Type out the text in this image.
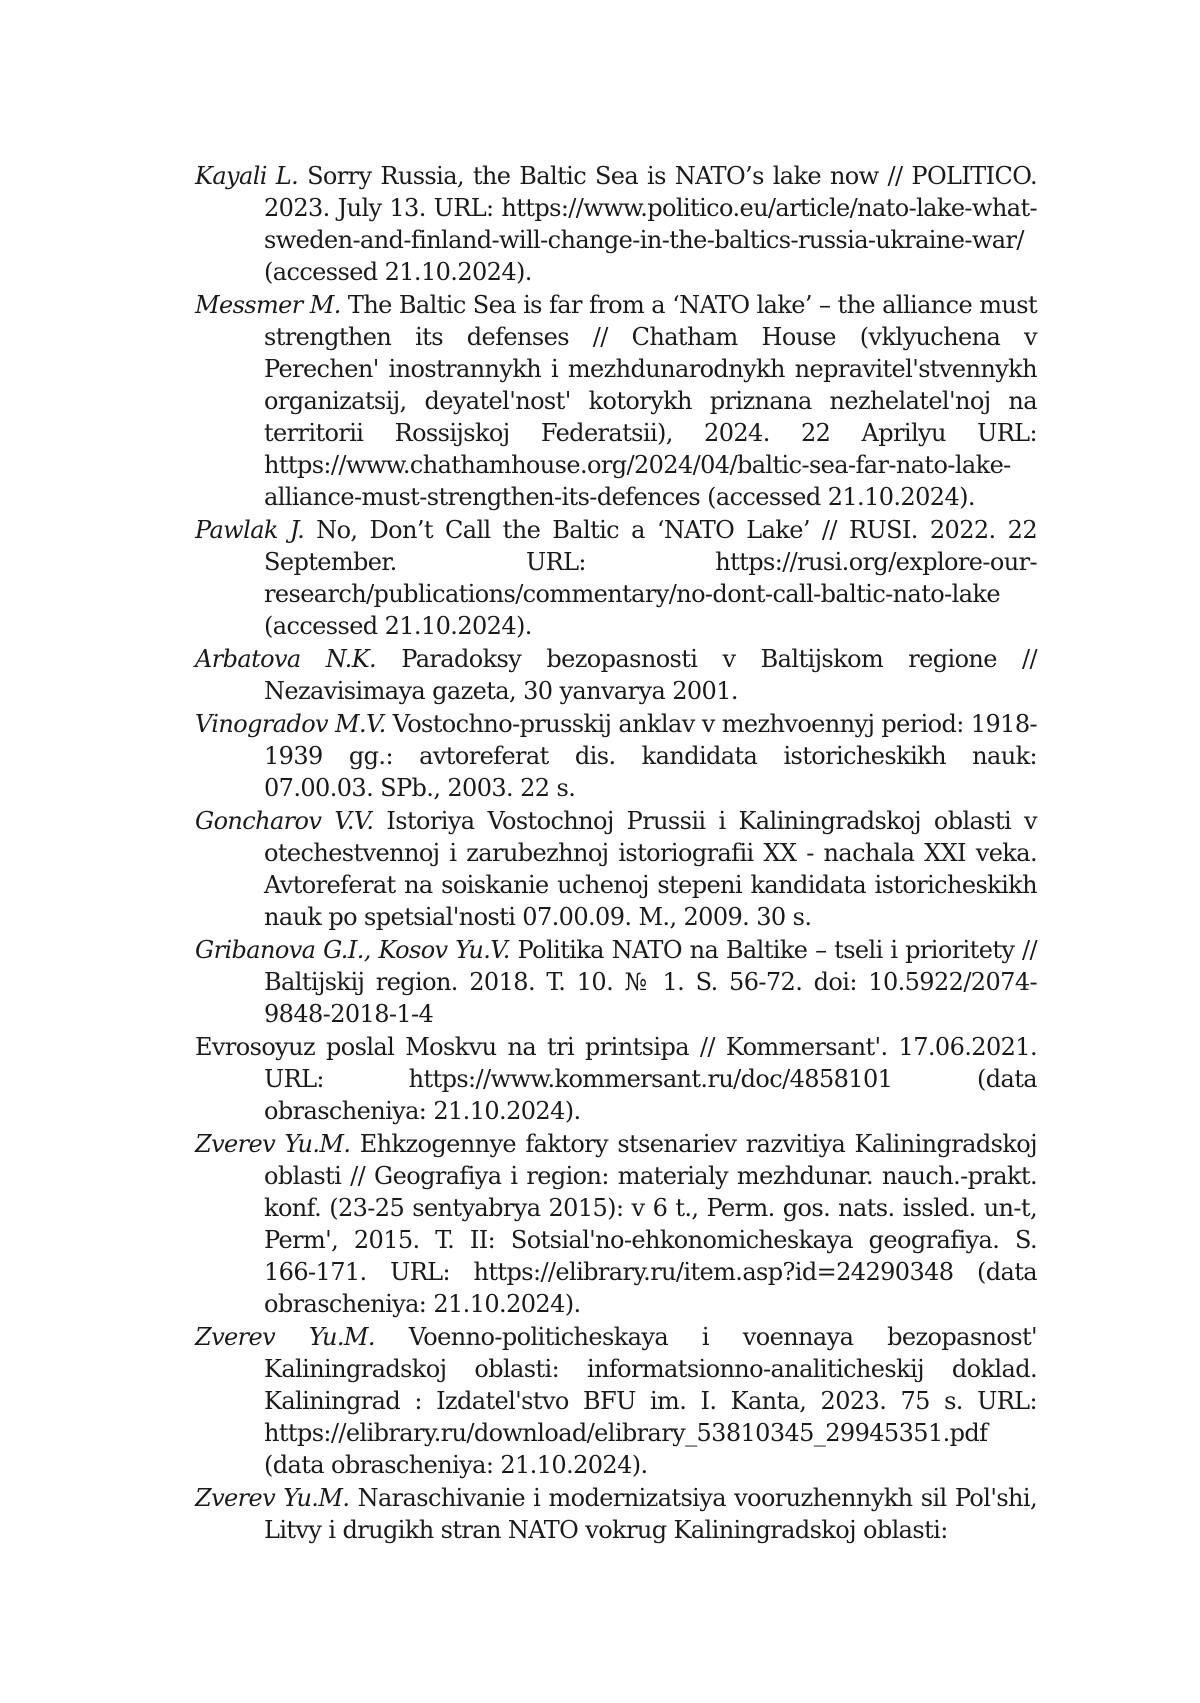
Kayali L. Sorry Russia, the Baltic Sea is NATO’s lake now // POLITICO. 2023. July 13. URL: https://www.politico.eu/article/nato-lake-what-sweden-and-finland-will-change-in-the-baltics-russia-ukraine-war/ (accessed 21.10.2024).

Messmer M. The Baltic Sea is far from a ‘NATO lake’ – the alliance must strengthen its defenses // Chatham House (vklyuchena v Perechen' inostrannykh i mezhdunarodnykh nepravitel'stvennykh organizatsij, deyatel'nost' kotorykh priznana nezhelatel'noj na territorii Rossijskoj Federatsii), 2024. 22 Aprilyu URL: https://www.chathamhouse.org/2024/04/baltic-sea-far-nato-lake-alliance-must-strengthen-its-defences (accessed 21.10.2024).

Pawlak J. No, Don’t Call the Baltic a ‘NATO Lake’ // RUSI. 2022. 22 September. URL: https://rusi.org/explore-our-research/publications/commentary/no-dont-call-baltic-nato-lake (accessed 21.10.2024).

Arbatova N.K. Paradoksy bezopasnosti v Baltijskom regione // Nezavisimaya gazeta, 30 yanvarya 2001.

Vinogradov M.V. Vostochno-prusskij anklav v mezhvoennyj period: 1918-1939 gg.: avtoreferat dis. kandidata istoricheskikh nauk: 07.00.03. SPb., 2003. 22 s.

Goncharov V.V. Istoriya Vostochnoj Prussii i Kaliningradskoj oblasti v otechestvennoj i zarubezhnoj istoriografii XX - nachala XXI veka. Avtoreferat na soiskanie uchenoj stepeni kandidata istoricheskikh nauk po spetsial'nosti 07.00.09. M., 2009. 30 s.

Gribanova G.I., Kosov Yu.V. Politika NATO na Baltike – tseli i prioritety // Baltijskij region. 2018. T. 10. № 1. S. 56-72. doi: 10.5922/2074-9848-2018-1-4

Evrosoyuz poslal Moskvu na tri printsipa // Kommersant'. 17.06.2021. URL: https://www.kommersant.ru/doc/4858101 (data obrascheniya: 21.10.2024).

Zverev Yu.M. Ehkzogennye faktory stsenariev razvitiya Kaliningradskoj oblasti // Geografiya i region: materialy mezhdunar. nauch.-prakt. konf. (23-25 sentyabrya 2015): v 6 t., Perm. gos. nats. issled. un-t, Perm', 2015. T. II: Sotsial'no-ehkonomicheskaya geografiya. S. 166-171. URL: https://elibrary.ru/item.asp?id=24290348 (data obrascheniya: 21.10.2024).

Zverev Yu.M. Voenno-politicheskaya i voennaya bezopasnost' Kaliningradskoj oblasti: informatsionno-analiticheskij doklad. Kaliningrad : Izdatel'stvo BFU im. I. Kanta, 2023. 75 s. URL: https://elibrary.ru/download/elibrary_53810345_29945351.pdf (data obrascheniya: 21.10.2024).

Zverev Yu.M. Naraschivanie i modernizatsiya vooruzhennykh sil Pol'shi, Litvy i drugikh stran NATO vokrug Kaliningradskoj oblasti:
